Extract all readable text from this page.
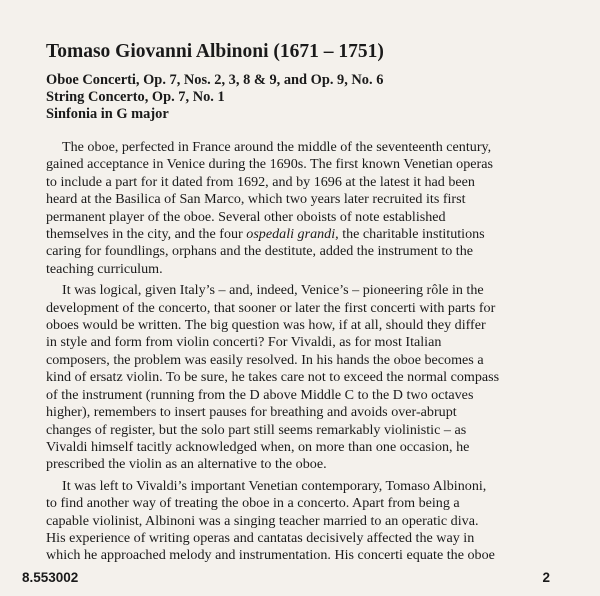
Tomaso Giovanni Albinoni (1671 – 1751)
Oboe Concerti, Op. 7, Nos. 2, 3, 8 & 9, and Op. 9, No. 6
String Concerto, Op. 7, No. 1
Sinfonia in G major

The oboe, perfected in France around the middle of the seventeenth century,
gained acceptance in Venice during the 1690s. The first known Venetian operas
to include a part for it dated from 1692, and by 1696 at the latest it had been
heard at the Basilica of San Marco, which two years later recruited its first
permanent player of the oboe. Several other oboists of note established
themselves in the city, and the four ospedali grandi, the charitable institutions
caring for foundlings, orphans and the destitute, added the instrument to the
teaching curriculum.

It was logical, given Italy’s – and, indeed, Venice’s – pioneering rôle in the
development of the concerto, that sooner or later the first concerti with parts for
oboes would be written. The big question was how, if at all, should they differ
in style and form from violin concerti? For Vivaldi, as for most Italian
composers, the problem was easily resolved. In his hands the oboe becomes a
kind of ersatz violin. To be sure, he takes care not to exceed the normal compass
of the instrument (running from the D above Middle C to the D two octaves
higher), remembers to insert pauses for breathing and avoids over-abrupt
changes of register, but the solo part still seems remarkably violinistic – as
Vivaldi himself tacitly acknowledged when, on more than one occasion, he
prescribed the violin as an alternative to the oboe.

It was left to Vivaldi’s important Venetian contemporary, Tomaso Albinoni,
to find another way of treating the oboe in a concerto. Apart from being a
capable violinist, Albinoni was a singing teacher married to an operatic diva.
His experience of writing operas and cantatas decisively affected the way in
which he approached melody and instrumentation. His concerti equate the oboe

8.553002	2
